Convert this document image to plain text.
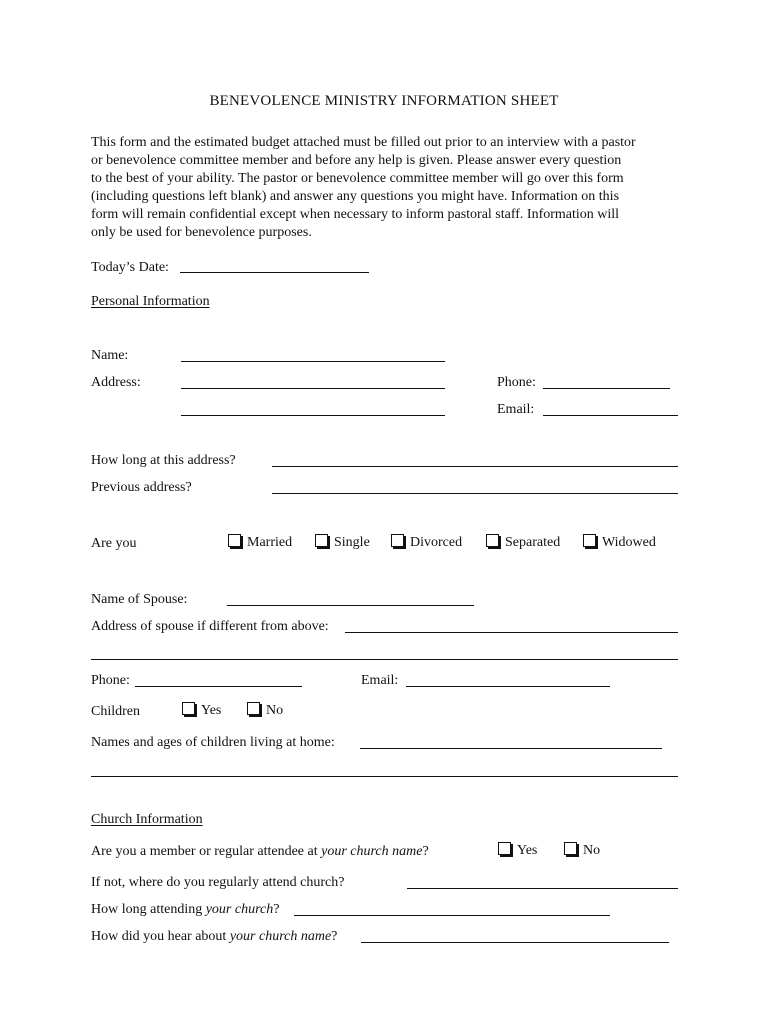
BENEVOLENCE MINISTRY INFORMATION SHEET
This form and the estimated budget attached must be filled out prior to an interview with a pastor
or benevolence committee member and before any help is given. Please answer every question
to the best of your ability. The pastor or benevolence committee member will go over this form
(including questions left blank) and answer any questions you might have. Information on this
form will remain confidential except when necessary to inform pastoral staff. Information will
only be used for benevolence purposes.
Today’s Date:
Personal Information
Name:
Address:	Phone:
Email:
How long at this address?
Previous address?
Are you	Married	Single	Divorced	Separated	Widowed
Name of Spouse:
Address of spouse if different from above:
Phone:	Email:
Children	Yes	No
Names and ages of children living at home:
Church Information
Are you a member or regular attendee at your church name?	Yes	No
If not, where do you regularly attend church?
How long attending your church?
How did you hear about your church name?
